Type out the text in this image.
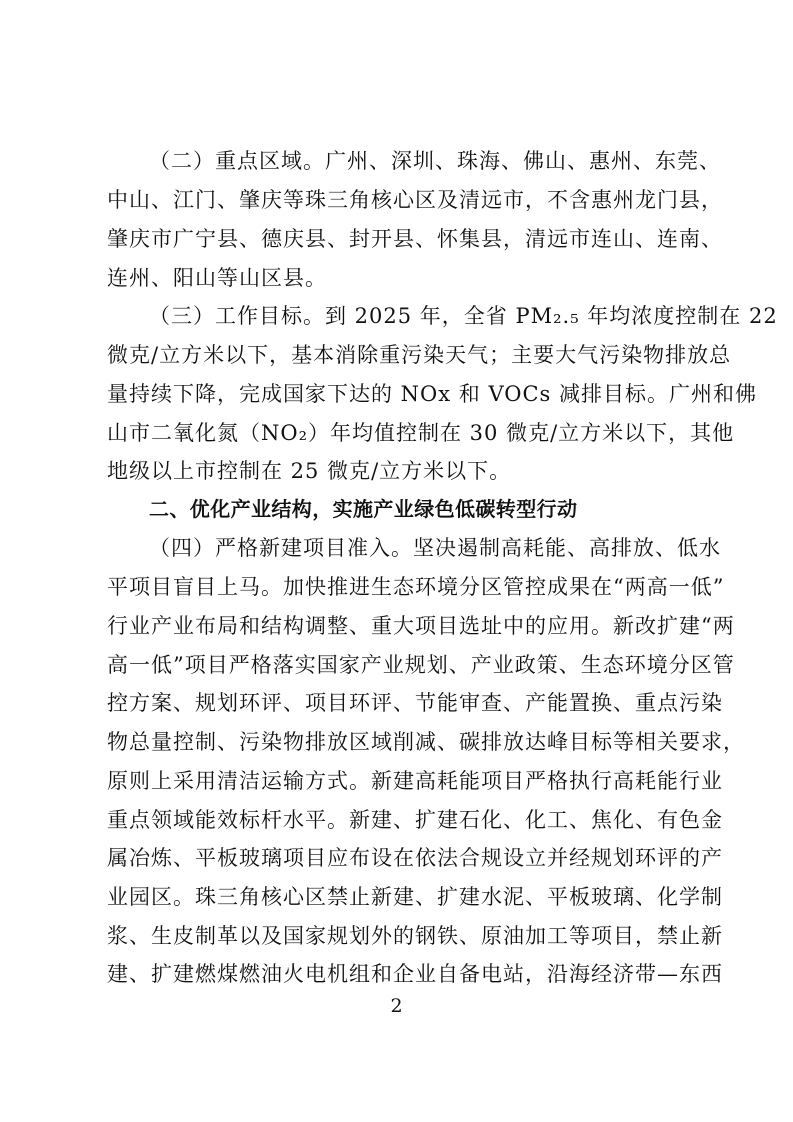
（二）重点区域。广州、深圳、珠海、佛山、惠州、东莞、

中山、江门、肇庆等珠三角核心区及清远市，不含惠州龙门县，

肇庆市广宁县、德庆县、封开县、怀集县，清远市连山、连南、

连州、阳山等山区县。

（三）工作目标。到 2025 年，全省 PM₂.₅ 年均浓度控制在 22

微克/立方米以下，基本消除重污染天气；主要大气污染物排放总

量持续下降，完成国家下达的 NOx 和 VOCs 减排目标。广州和佛

山市二氧化氮（NO₂）年均值控制在 30 微克/立方米以下，其他

地级以上市控制在 25 微克/立方米以下。

二、优化产业结构，实施产业绿色低碳转型行动

（四）严格新建项目准入。坚决遏制高耗能、高排放、低水

平项目盲目上马。加快推进生态环境分区管控成果在“两高一低”

行业产业布局和结构调整、重大项目选址中的应用。新改扩建“两

高一低”项目严格落实国家产业规划、产业政策、生态环境分区管

控方案、规划环评、项目环评、节能审查、产能置换、重点污染

物总量控制、污染物排放区域削减、碳排放达峰目标等相关要求，

原则上采用清洁运输方式。新建高耗能项目严格执行高耗能行业

重点领域能效标杆水平。新建、扩建石化、化工、焦化、有色金

属冶炼、平板玻璃项目应布设在依法合规设立并经规划环评的产

业园区。珠三角核心区禁止新建、扩建水泥、平板玻璃、化学制

浆、生皮制革以及国家规划外的钢铁、原油加工等项目，禁止新

建、扩建燃煤燃油火电机组和企业自备电站，沿海经济带—东西

2
